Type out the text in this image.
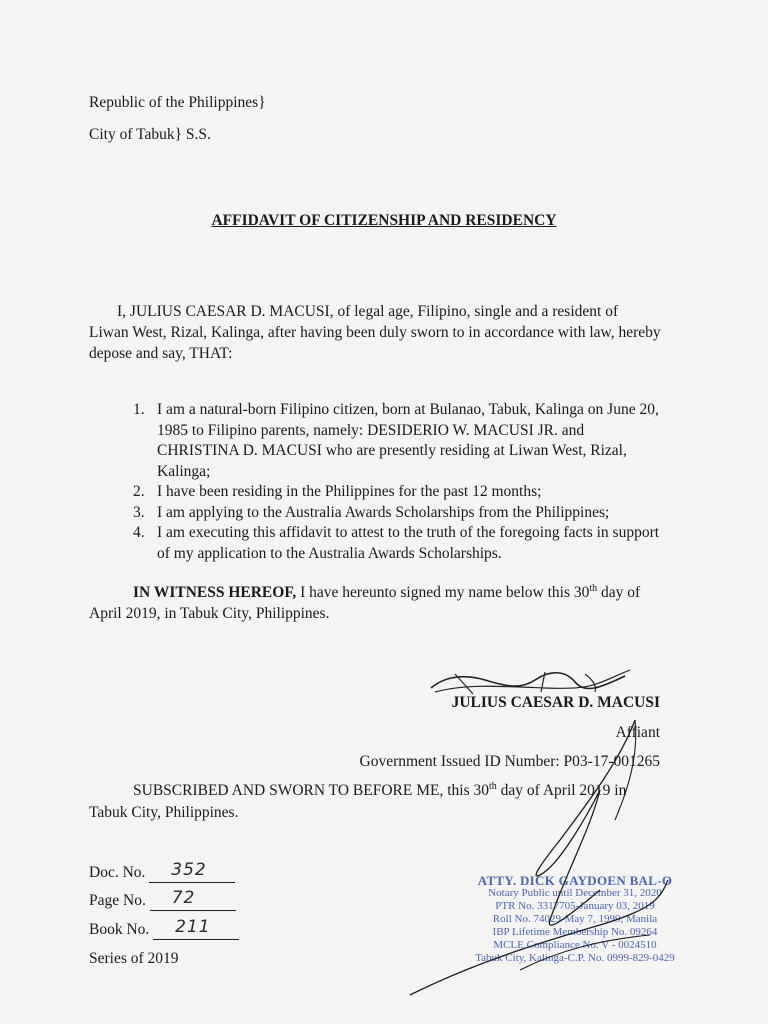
Republic of the Philippines}
City of Tabuk} S.S.
AFFIDAVIT OF CITIZENSHIP AND RESIDENCY
I, JULIUS CAESAR D. MACUSI, of legal age, Filipino, single and a resident of
Liwan West, Rizal, Kalinga, after having been duly sworn to in accordance with law, hereby
depose and say, THAT:
1. I am a natural-born Filipino citizen, born at Bulanao, Tabuk, Kalinga on June 20,
1985 to Filipino parents, namely: DESIDERIO W. MACUSI JR. and
CHRISTINA D. MACUSI who are presently residing at Liwan West, Rizal,
Kalinga;
2. I have been residing in the Philippines for the past 12 months;
3. I am applying to the Australia Awards Scholarships from the Philippines;
4. I am executing this affidavit to attest to the truth of the foregoing facts in support
of my application to the Australia Awards Scholarships.
IN WITNESS HEREOF, I have hereunto signed my name below this 30th day of
April 2019, in Tabuk City, Philippines.
JULIUS CAESAR D. MACUSI
Affiant
Government Issued ID Number: P03-17-001265
SUBSCRIBED AND SWORN TO BEFORE ME, this 30th day of April 2019 in
Tabuk City, Philippines.
Doc. No. 352
Page No. 72
Book No. 211
Series of 2019
ATTY. DICK GAYDOEN BAL-O
Notary Public until December 31, 2020
PTR No. 3317705-January 03, 2019
Roll No. 74029-May 7, 1999, Manila
IBP Lifetime Membership No. 09264
MCLE Compliance No. V - 0024510
Tabuk City, Kalinga-C.P. No. 0999-829-0429
